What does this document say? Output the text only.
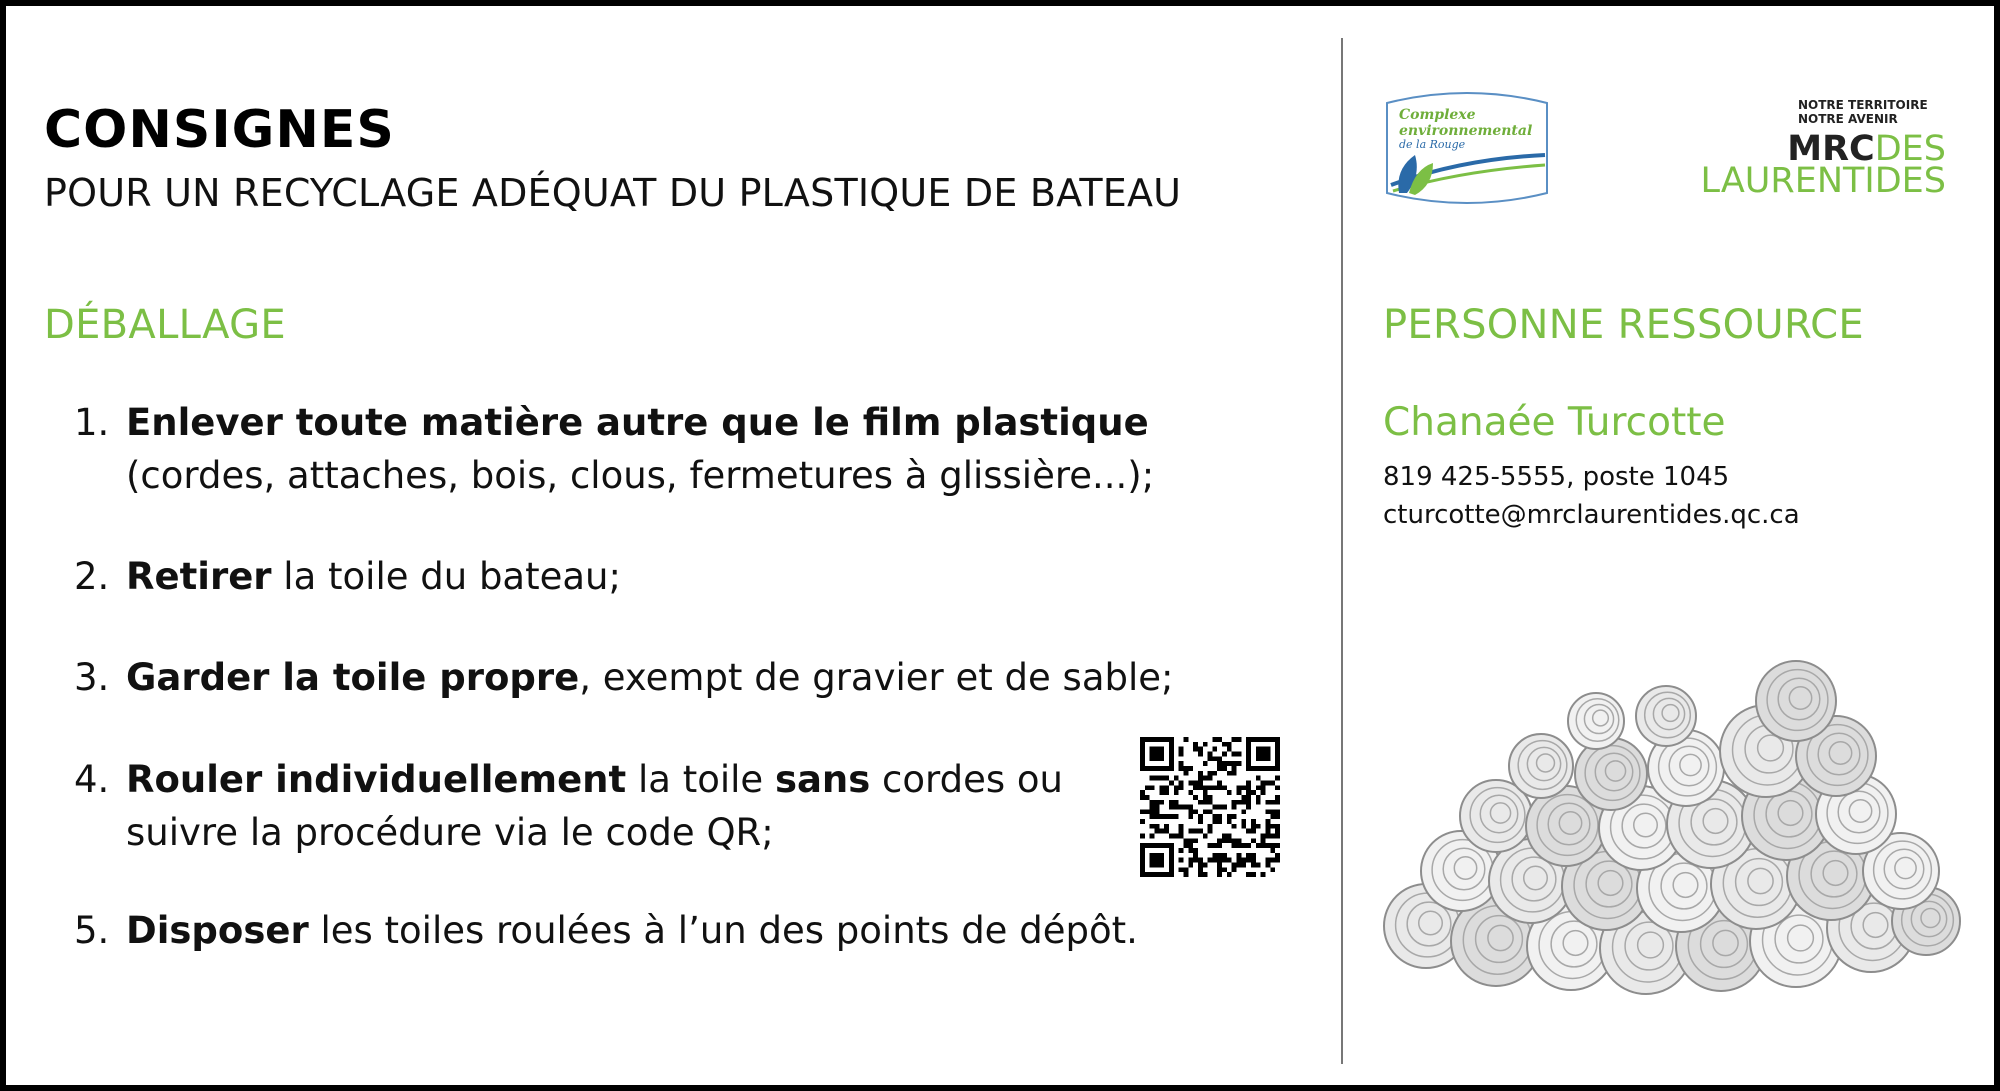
CONSIGNES
POUR UN RECYCLAGE ADÉQUAT DU PLASTIQUE DE BATEAU
DÉBALLAGE
1. Enlever toute matière autre que le film plastique
(cordes, attaches, bois, clous, fermetures à glissière...);
2. Retirer la toile du bateau;
3. Garder la toile propre, exempt de gravier et de sable;
4. Rouler individuellement la toile sans cordes ou
suivre la procédure via le code QR;
5. Disposer les toiles roulées à l’un des points de dépôt.
Complexe
environnemental
de la Rouge
NOTRE TERRITOIRE
NOTRE AVENIR
MRCDES
LAURENTIDES
PERSONNE RESSOURCE
Chanaée Turcotte
819 425-5555, poste 1045
cturcotte@mrclaurentides.qc.ca
